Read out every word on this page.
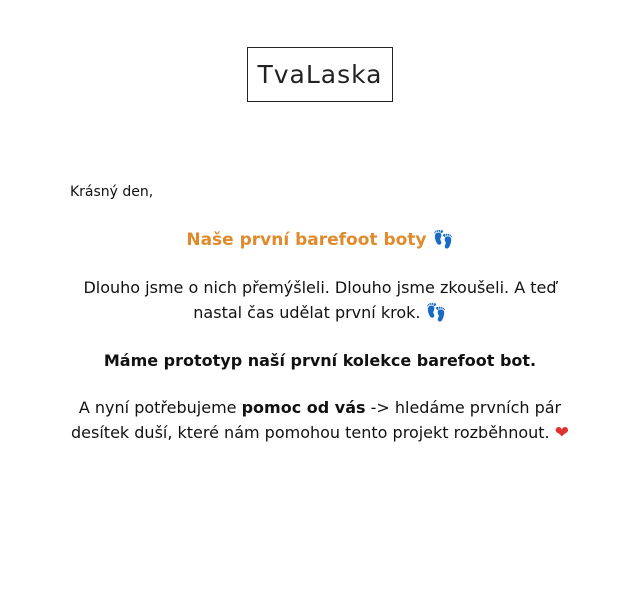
TvaLaska
Krásný den,
Naše první barefoot boty 👣
Dlouho jsme o nich přemýšleli. Dlouho jsme zkoušeli. A teď nastal čas udělat první krok. 👣
Máme prototyp naší první kolekce barefoot bot.
A nyní potřebujeme pomoc od vás -> hledáme prvních pár desítek duší, které nám pomohou tento projekt rozběhnout. ❤
